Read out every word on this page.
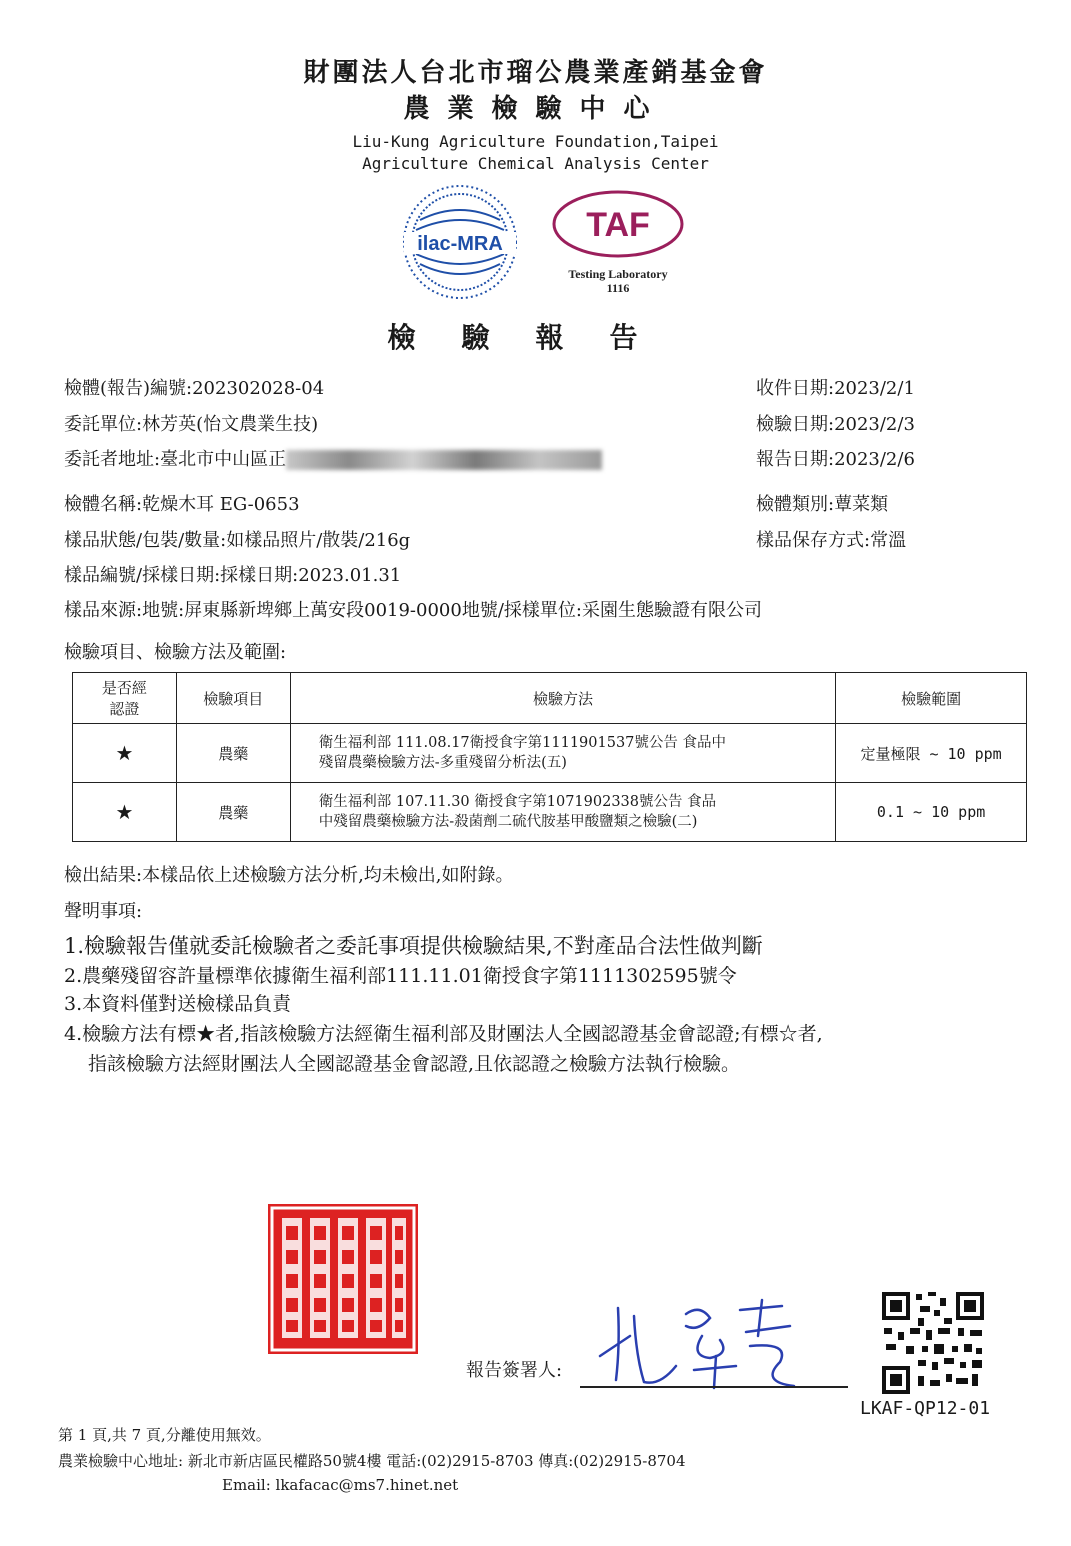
財團法人台北市瑠公農業產銷基金會
農業檢驗中心
Liu-Kung Agriculture Foundation,Taipei
Agriculture Chemical Analysis Center
ilac-MRA TAF
Testing Laboratory
1116
檢驗報告
檢體(報告)編號:202302028-04
委託單位:林芳英(怡文農業生技)
委託者地址:臺北市中山區正
檢體名稱:乾燥木耳 EG-0653
樣品狀態/包裝/數量:如樣品照片/散裝/216g
樣品編號/採樣日期:採樣日期:2023.01.31
樣品來源:地號:屏東縣新埤鄉上萬安段0019-0000地號/採樣單位:采園生態驗證有限公司
收件日期:2023/2/1
檢驗日期:2023/2/3
報告日期:2023/2/6
檢體類別:蕈菜類
樣品保存方式:常溫
檢驗項目、檢驗方法及範圍:
是否經
認證	檢驗項目	檢驗方法	檢驗範圍
★	農藥	衛生福利部 111.08.17衛授食字第1111901537號公告 食品中
殘留農藥檢驗方法-多重殘留分析法(五)	定量極限 ~ 10 ppm
★	農藥	衛生福利部 107.11.30 衛授食字第1071902338號公告 食品
中殘留農藥檢驗方法-殺菌劑二硫代胺基甲酸鹽類之檢驗(二)	0.1 ~ 10 ppm
檢出結果:本樣品依上述檢驗方法分析,均未檢出,如附錄。
聲明事項:
1.檢驗報告僅就委託檢驗者之委託事項提供檢驗結果,不對產品合法性做判斷
2.農藥殘留容許量標準依據衛生福利部111.11.01衛授食字第1111302595號令
3.本資料僅對送檢樣品負責
4.檢驗方法有標★者,指該檢驗方法經衛生福利部及財團法人全國認證基金會認證;有標☆者,
指該檢驗方法經財團法人全國認證基金會認證,且依認證之檢驗方法執行檢驗。
報告簽署人:
LKAF-QP12-01
第 1 頁,共 7 頁,分離使用無效。
農業檢驗中心地址: 新北市新店區民權路50號4樓 電話:(02)2915-8703 傳真:(02)2915-8704
Email: lkafacac@ms7.hinet.net
